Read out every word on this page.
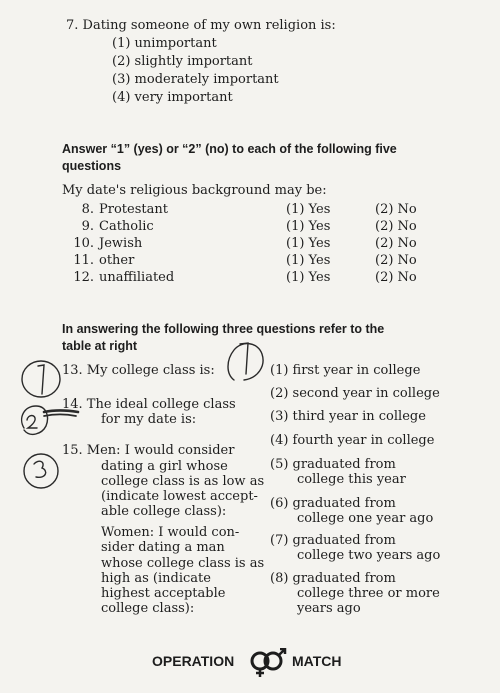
7. Dating someone of my own religion is:
(1) unimportant
(2) slightly important
(3) moderately important
(4) very important
Answer “1” (yes) or “2” (no) to each of the following five
questions
My date's religious background may be:
8. Protestant	(1) Yes	(2) No
9. Catholic	(1) Yes	(2) No
10. Jewish	(1) Yes	(2) No
11. other	(1) Yes	(2) No
12. unaffiliated	(1) Yes	(2) No
In answering the following three questions refer to the
table at right
13. My college class is:
14. The ideal college class
for my date is:
15. Men: I would consider
dating a girl whose
college class is as low as
(indicate lowest accept-
able college class):
Women: I would con-
sider dating a man
whose college class is as
high as (indicate
highest acceptable
college class):
(1) first year in college
(2) second year in college
(3) third year in college
(4) fourth year in college
(5) graduated from
college this year
(6) graduated from
college one year ago
(7) graduated from
college two years ago
(8) graduated from
college three or more
years ago
OPERATION	MATCH
